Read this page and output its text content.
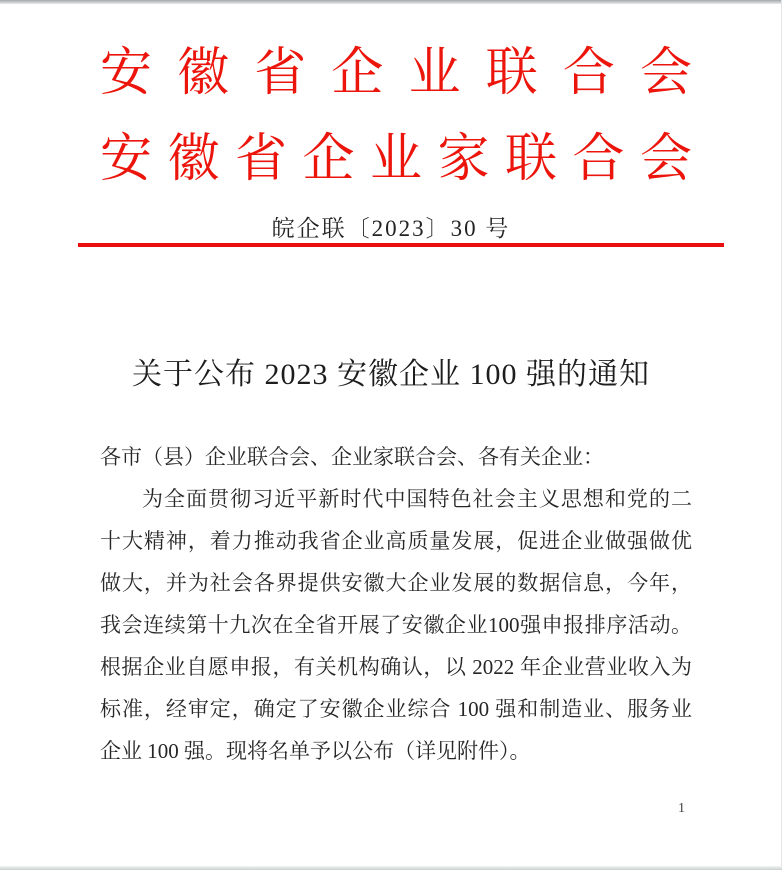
安徽省企业联合会
安徽省企业家联合会
皖企联〔2023〕30 号
关于公布 2023 安徽企业 100 强的通知
各市（县）企业联合会、企业家联合会、各有关企业：
为全面贯彻习近平新时代中国特色社会主义思想和党的二
十大精神，着力推动我省企业高质量发展，促进企业做强做优
做大，并为社会各界提供安徽大企业发展的数据信息，今年，
我会连续第十九次在全省开展了安徽企业100强申报排序活动。
根据企业自愿申报，有关机构确认，以 2022 年企业营业收入为
标准，经审定，确定了安徽企业综合 100 强和制造业、服务业
企业 100 强。现将名单予以公布（详见附件）。
1
